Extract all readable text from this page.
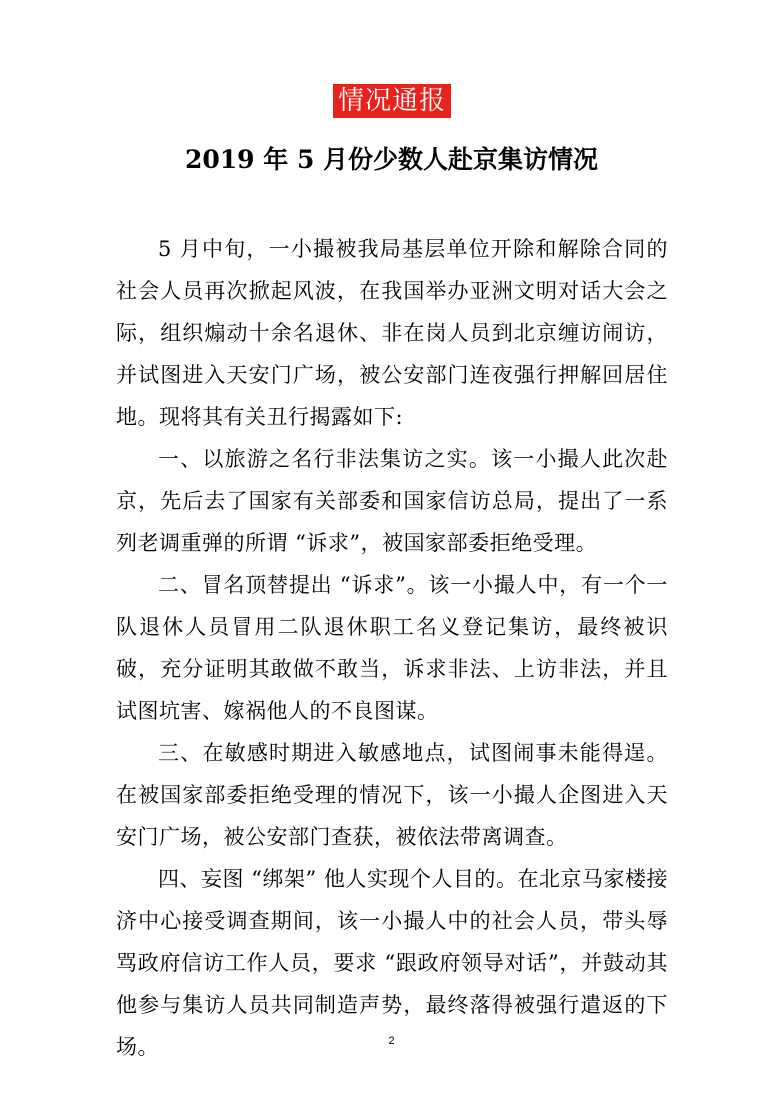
情况通报
2019 年 5 月份少数人赴京集访情况

5 月中旬，一小撮被我局基层单位开除和解除合同的社会人员再次掀起风波，在我国举办亚洲文明对话大会之际，组织煽动十余名退休、非在岗人员到北京缠访闹访，并试图进入天安门广场，被公安部门连夜强行押解回居住地。现将其有关丑行揭露如下:

一、以旅游之名行非法集访之实。该一小撮人此次赴京，先后去了国家有关部委和国家信访总局，提出了一系列老调重弹的所谓 “诉求”，被国家部委拒绝受理。

二、冒名顶替提出 “诉求”。该一小撮人中，有一个一队退休人员冒用二队退休职工名义登记集访，最终被识破，充分证明其敢做不敢当，诉求非法、上访非法，并且试图坑害、嫁祸他人的不良图谋。

三、在敏感时期进入敏感地点，试图闹事未能得逞。在被国家部委拒绝受理的情况下，该一小撮人企图进入天安门广场，被公安部门查获，被依法带离调查。

四、妄图 “绑架” 他人实现个人目的。在北京马家楼接济中心接受调查期间，该一小撮人中的社会人员，带头辱骂政府信访工作人员，要求 “跟政府领导对话”，并鼓动其他参与集访人员共同制造声势，最终落得被强行遣返的下场。	2
